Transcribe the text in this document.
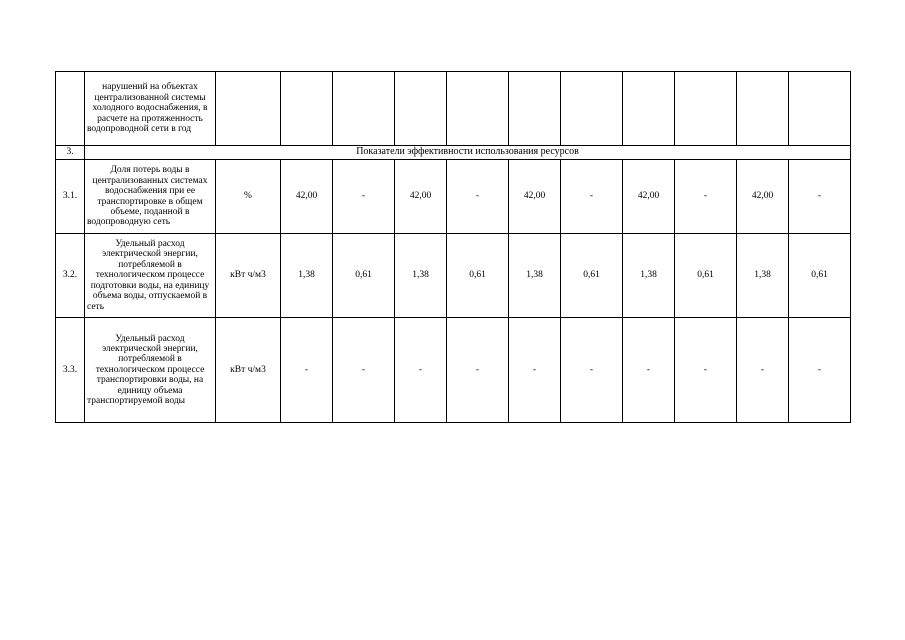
	нарушений на объектах централизованной системы холодного водоснабжения, в расчете на протяженность водопроводной сети в год											
3.	Показатели эффективности использования ресурсов											
3.1.	Доля потерь воды в централизованных системах водоснабжения при ее транспортировке в общем объеме, поданной в водопроводную сеть	%	42,00	-	42,00	-	42,00	-	42,00	-	42,00	-
3.2.	Удельный расход электрической энергии, потребляемой в технологическом процессе подготовки воды, на единицу объема воды, отпускаемой в сеть	кВт ч/м3	1,38	0,61	1,38	0,61	1,38	0,61	1,38	0,61	1,38	0,61
3.3.	Удельный расход электрической энергии, потребляемой в технологическом процессе транспортировки воды, на единицу объема транспортируемой воды	кВт ч/м3	-	-	-	-	-	-	-	-	-	-
